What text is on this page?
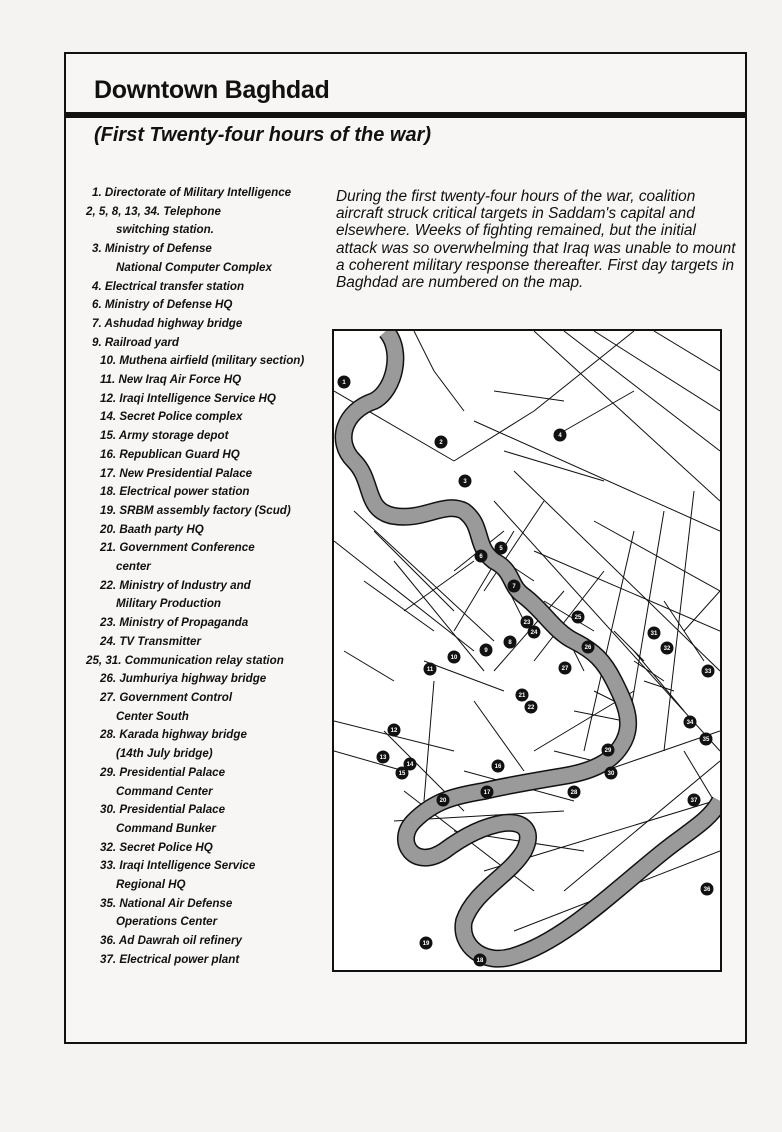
Downtown Baghdad
(First Twenty-four hours of the war)
1. Directorate of Military Intelligence
2, 5, 8, 13, 34. Telephone
switching station.
3. Ministry of Defense
National Computer Complex
4. Electrical transfer station
6. Ministry of Defense HQ
7. Ashudad highway bridge
9. Railroad yard
10. Muthena airfield (military section)
11. New Iraq Air Force HQ
12. Iraqi Intelligence Service HQ
14. Secret Police complex
15. Army storage depot
16. Republican Guard HQ
17. New Presidential Palace
18. Electrical power station
19. SRBM assembly factory (Scud)
20. Baath party HQ
21. Government Conference
center
22. Ministry of Industry and
Military Production
23. Ministry of Propaganda
24. TV Transmitter
25, 31. Communication relay station
26. Jumhuriya highway bridge
27. Government Control
Center South
28. Karada highway bridge
(14th July bridge)
29. Presidential Palace
Command Center
30. Presidential Palace
Command Bunker
32. Secret Police HQ
33. Iraqi Intelligence Service
Regional HQ
35. National Air Defense
Operations Center
36. Ad Dawrah oil refinery
37. Electrical power plant
During the first twenty-four hours of the war, coalition aircraft struck critical targets in Saddam's capital and elsewhere. Weeks of fighting remained, but the initial attack was so overwhelming that Iraq was unable to mount a coherent military response thereafter. First day targets in Baghdad are numbered on the map.
1
2
3
4
5
6
7
8
9
10
11
12
13
14
15
16
17
18
19
20
21
22
23
24
25
26
27
28
29
30
31
32
33
34
35
36
37
